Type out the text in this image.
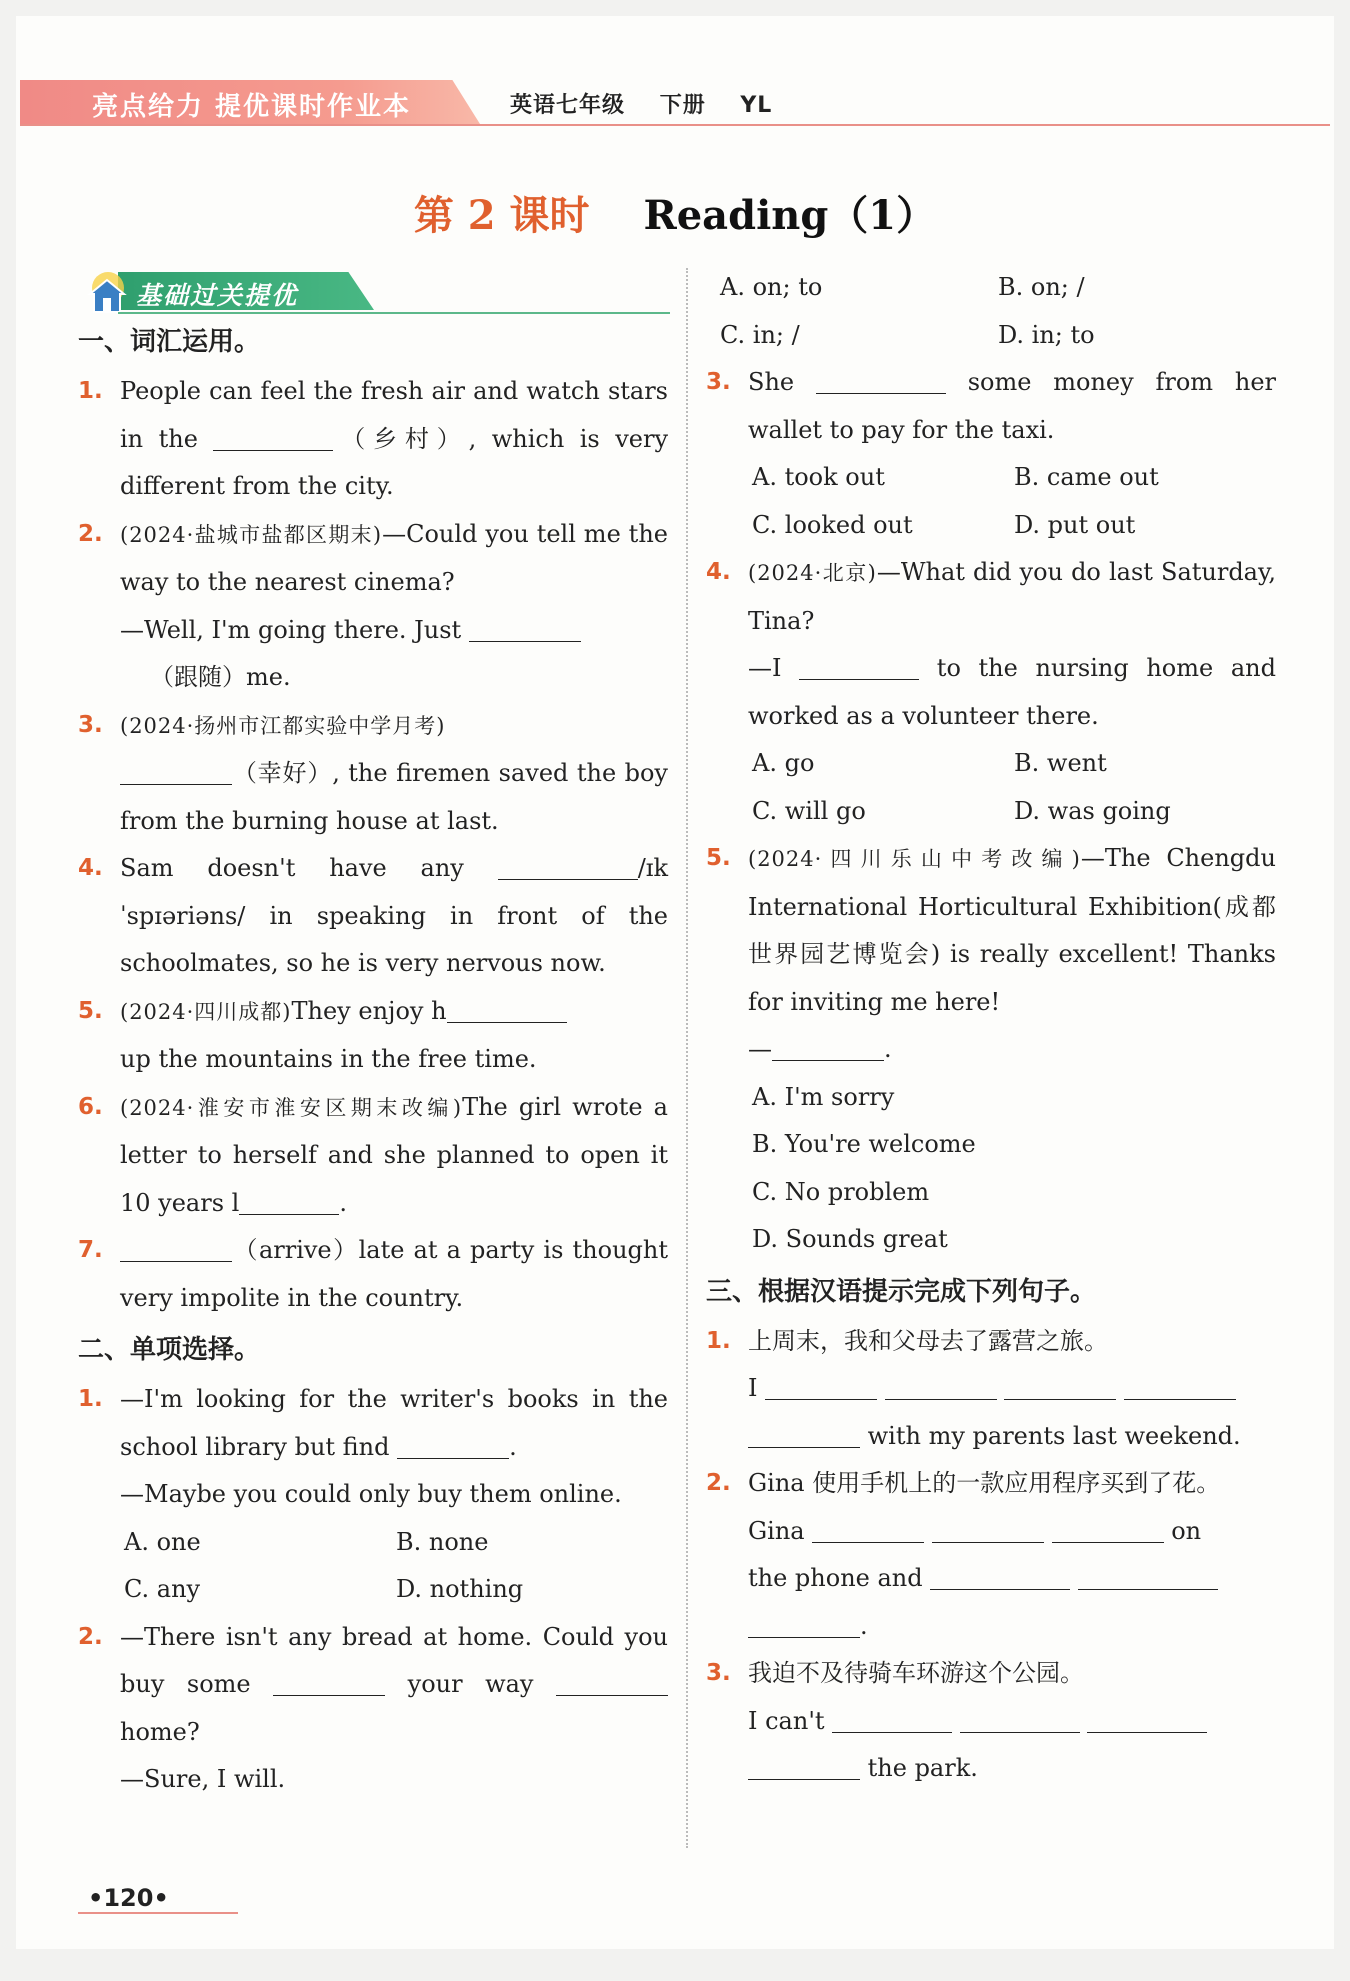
亮点给力 提优课时作业本	英语七年级 下册 YL
第 2 课时 Reading（1）
基础过关提优
一、词汇运用。
1. People can feel the fresh air and watch stars in the	（乡村）, which is very different from the city.
2. (2024·盐城市盐都区期末)—Could you tell me the way to the nearest cinema?
—Well, I'm going there. Just
（跟随）me.
3. (2024·扬州市江都实验中学月考)
（幸好）, the firemen saved the boy from the burning house at last.
4. Sam doesn't have any	/ɪkˈspɪəriəns/ in speaking in front of the schoolmates, so he is very nervous now.
5. (2024·四川成都)They enjoy h
up the mountains in the free time.
6. (2024·淮安市淮安区期末改编)The girl wrote a letter to herself and she planned to open it 10 years l	.
7.	（arrive）late at a party is thought very impolite in the country.
二、单项选择。
1. —I'm looking for the writer's books in the school library but find	.
—Maybe you could only buy them online.
A. one	B. none
C. any	D. nothing
2. —There isn't any bread at home. Could you buy some	your way  home?
—Sure, I will.
A. on; to	B. on; /
C. in; /	D. in; to
3. She	some money from her wallet to pay for the taxi.
A. took out	B. came out
C. looked out	D. put out
4. (2024·北京)—What did you do last Saturday, Tina?
—I	to the nursing home and worked as a volunteer there.
A. go	B. went
C. will go	D. was going
5. (2024·四川乐山中考改编)—The Chengdu International Horticultural Exhibition(成都世界园艺博览会) is really excellent! Thanks for inviting me here!
—	.
A. I'm sorry
B. You're welcome
C. No problem
D. Sounds great
三、根据汉语提示完成下列句子。
1. 上周末，我和父母去了露营之旅。
I
with my parents last weekend.
2. Gina 使用手机上的一款应用程序买到了花。
Gina	on
the phone and
.
3. 我迫不及待骑车环游这个公园。
I can't
the park.
•120•
